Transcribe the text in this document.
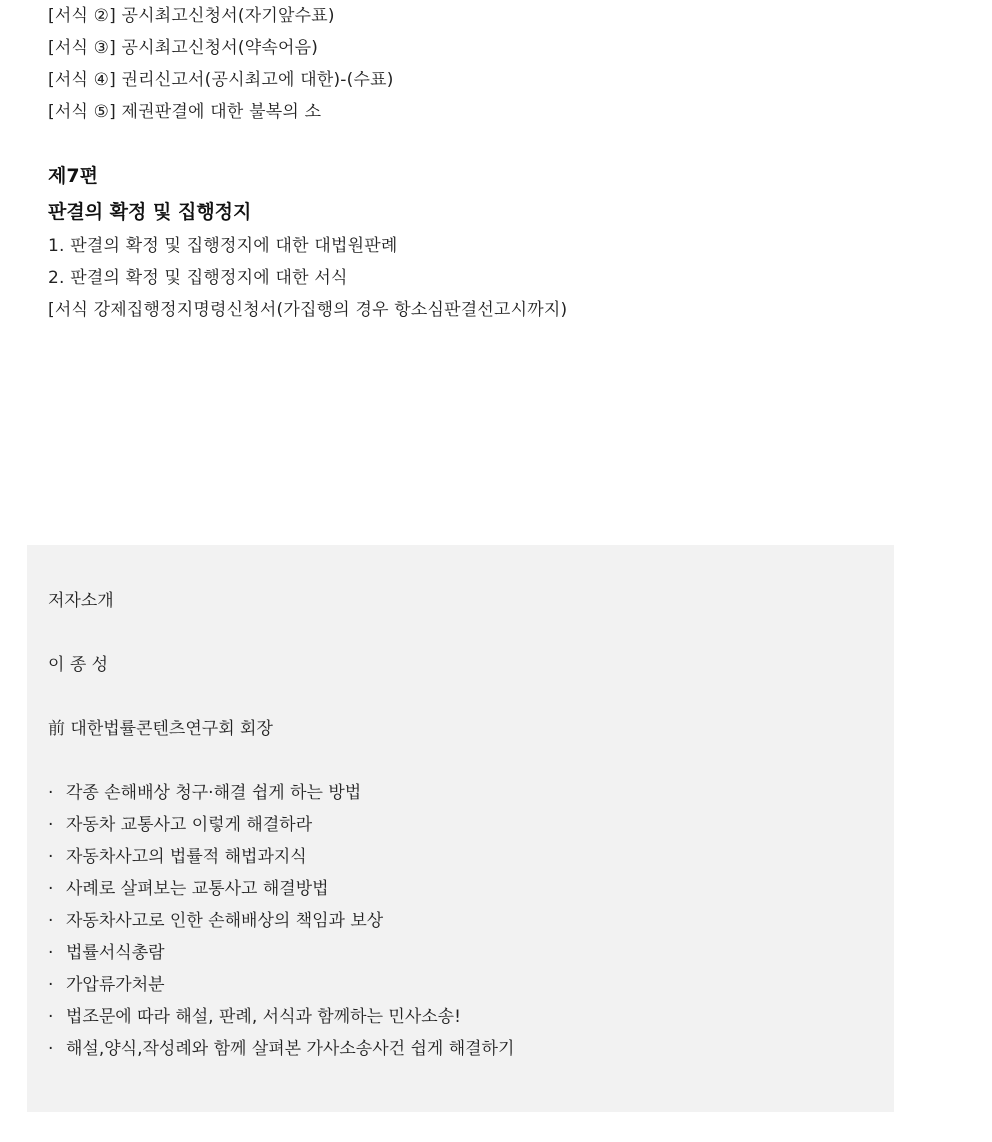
[서식 ②] 공시최고신청서(자기앞수표)
[서식 ③] 공시최고신청서(약속어음)
[서식 ④] 권리신고서(공시최고에 대한)-(수표)
[서식 ⑤] 제권판결에 대한 불복의 소
제7편
판결의 확정 및 집행정지
1. 판결의 확정 및 집행정지에 대한 대법원판례
2. 판결의 확정 및 집행정지에 대한 서식
[서식 강제집행정지명령신청서(가집행의 경우 항소심판결선고시까지)
저자소개
이 종 성
前 대한법률콘텐츠연구회 회장
· 각종 손해배상 청구·해결 쉽게 하는 방법
· 자동차 교통사고 이렇게 해결하라
· 자동차사고의 법률적 해법과지식
· 사례로 살펴보는 교통사고 해결방법
· 자동차사고로 인한 손해배상의 책임과 보상
· 법률서식총람
· 가압류가처분
· 법조문에 따라 해설, 판례, 서식과 함께하는 민사소송!
· 해설,양식,작성례와 함께 살펴본 가사소송사건 쉽게 해결하기
